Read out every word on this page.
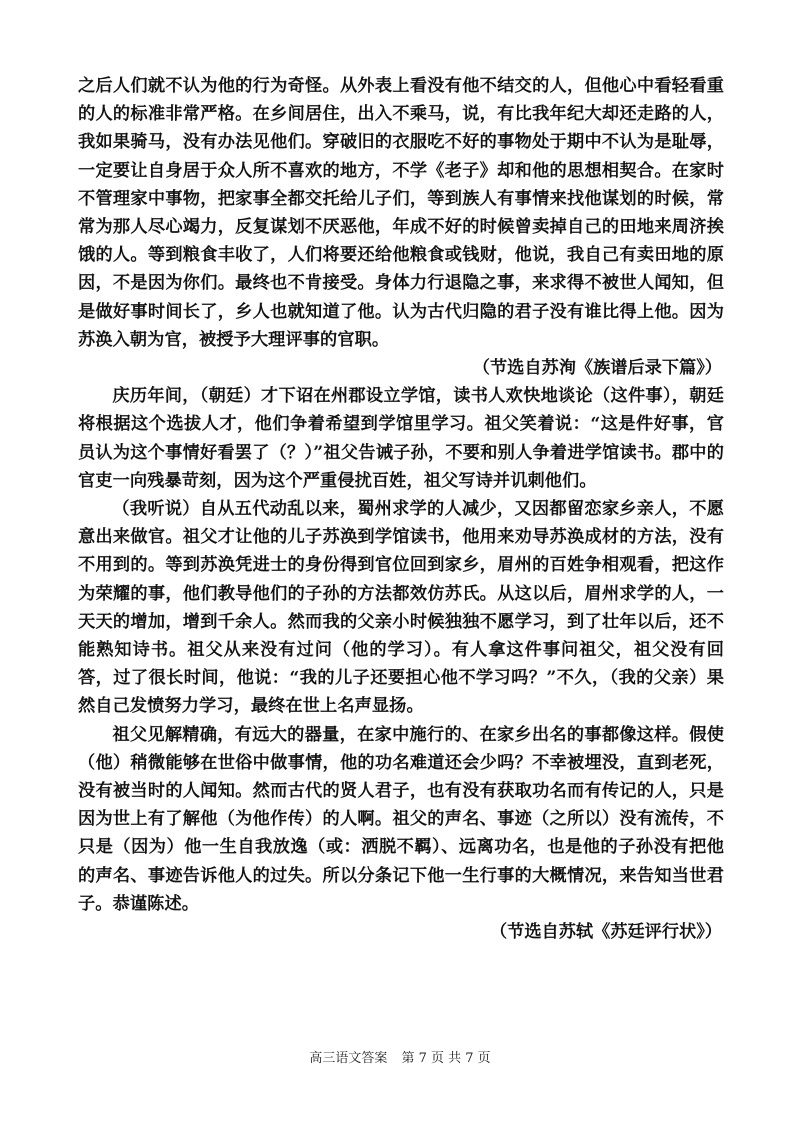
之后人们就不认为他的行为奇怪。从外表上看没有他不结交的人，但他心中看轻看重的人的标准非常严格。在乡间居住，出入不乘马，说，有比我年纪大却还走路的人，我如果骑马，没有办法见他们。穿破旧的衣服吃不好的事物处于期中不认为是耻辱，一定要让自身居于众人所不喜欢的地方，不学《老子》却和他的思想相契合。在家时不管理家中事物，把家事全都交托给儿子们，等到族人有事情来找他谋划的时候，常常为那人尽心竭力，反复谋划不厌恶他，年成不好的时候曾卖掉自己的田地来周济挨饿的人。等到粮食丰收了，人们将要还给他粮食或钱财，他说，我自己有卖田地的原因，不是因为你们。最终也不肯接受。身体力行退隐之事，来求得不被世人闻知，但是做好事时间长了，乡人也就知道了他。认为古代归隐的君子没有谁比得上他。因为苏涣入朝为官，被授予大理评事的官职。

（节选自苏洵《族谱后录下篇》）

庆历年间，（朝廷）才下诏在州郡设立学馆，读书人欢快地谈论（这件事），朝廷将根据这个选拔人才，他们争着希望到学馆里学习。祖父笑着说：“这是件好事，官员认为这个事情好看罢了（？）”祖父告诫子孙，不要和别人争着进学馆读书。郡中的官吏一向残暴苛刻，因为这个严重侵扰百姓，祖父写诗并讥刺他们。

（我听说）自从五代动乱以来，蜀州求学的人减少，又因都留恋家乡亲人，不愿意出来做官。祖父才让他的儿子苏涣到学馆读书，他用来劝导苏涣成材的方法，没有不用到的。等到苏涣凭进士的身份得到官位回到家乡，眉州的百姓争相观看，把这作为荣耀的事，他们教导他们的子孙的方法都效仿苏氏。从这以后，眉州求学的人，一天天的增加，增到千余人。然而我的父亲小时候独独不愿学习，到了壮年以后，还不能熟知诗书。祖父从来没有过问（他的学习）。有人拿这件事问祖父，祖父没有回答，过了很长时间，他说：“我的儿子还要担心他不学习吗？”不久，（我的父亲）果然自己发愤努力学习，最终在世上名声显扬。

祖父见解精确，有远大的器量，在家中施行的、在家乡出名的事都像这样。假使（他）稍微能够在世俗中做事情，他的功名难道还会少吗？不幸被埋没，直到老死，没有被当时的人闻知。然而古代的贤人君子，也有没有获取功名而有传记的人，只是因为世上有了解他（为他作传）的人啊。祖父的声名、事迹（之所以）没有流传，不只是（因为）他一生自我放逸（或：洒脱不羁）、远离功名，也是他的子孙没有把他的声名、事迹告诉他人的过失。所以分条记下他一生行事的大概情况，来告知当世君子。恭谨陈述。

（节选自苏轼《苏廷评行状》）

高三语文答案 第 7 页 共 7 页
